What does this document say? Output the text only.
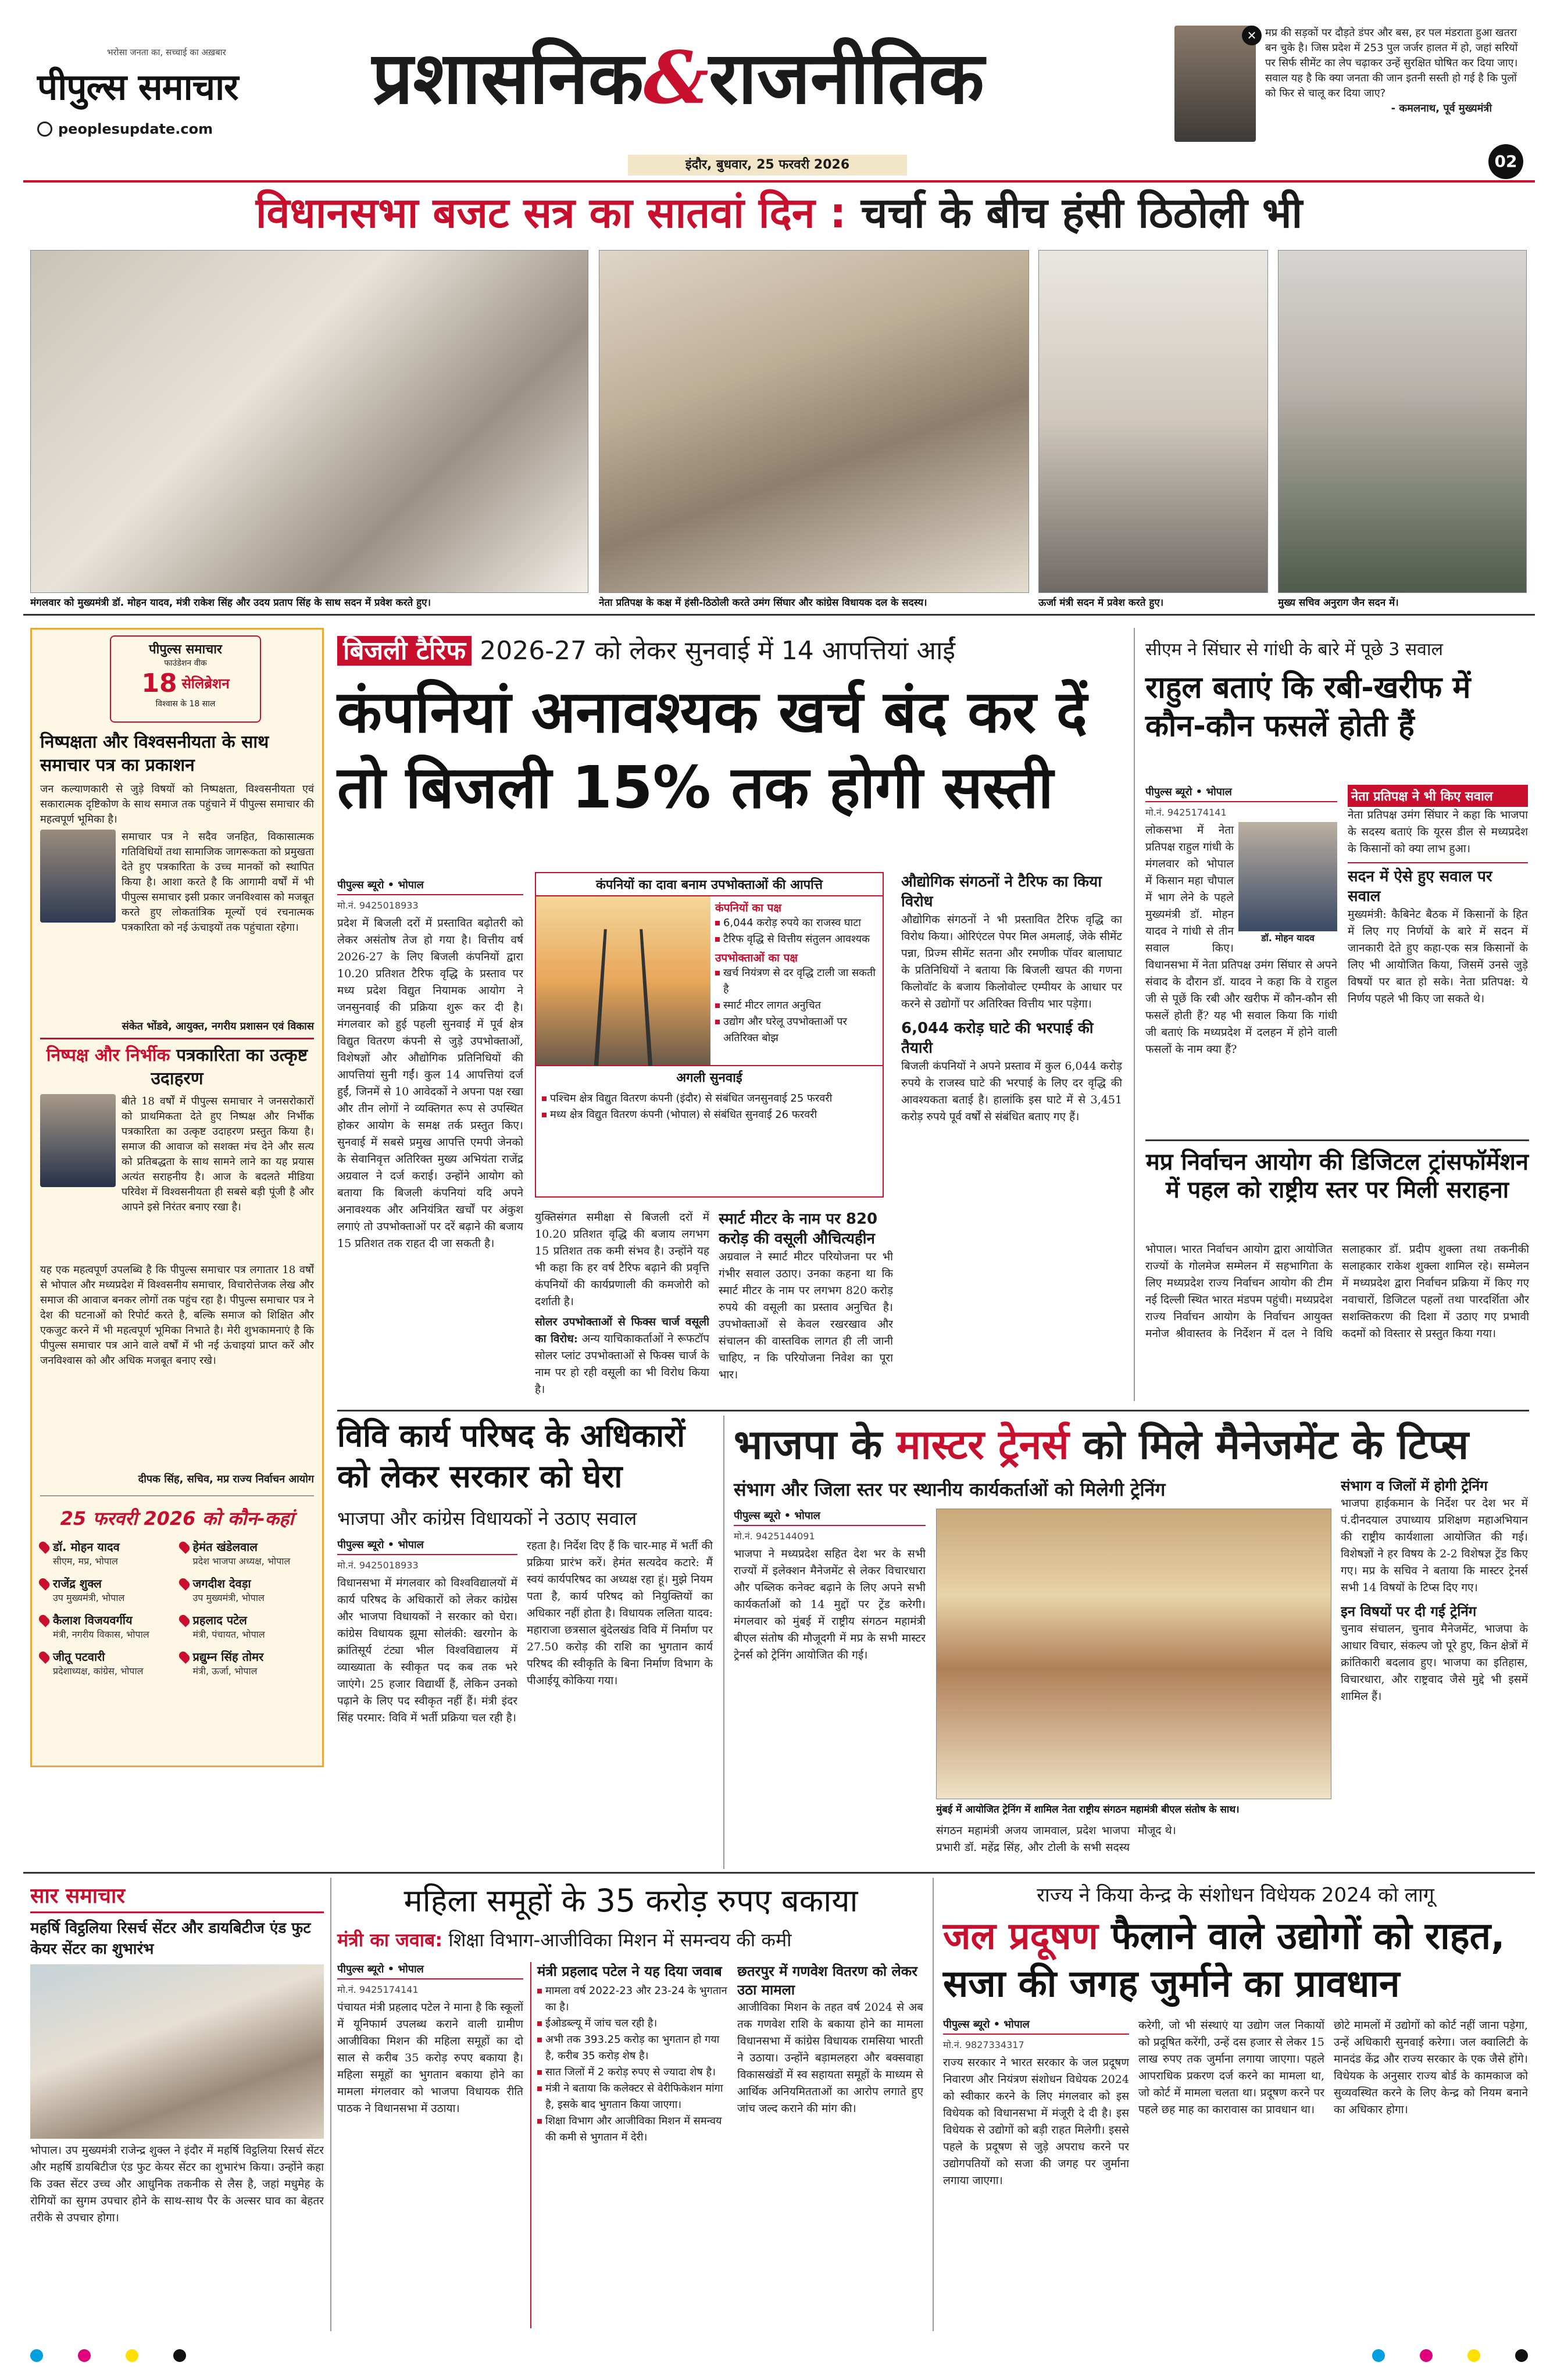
भरोसा जनता का, सच्चाई का अख़बार
पीपुल्स समाचार
peoplesupdate.com
प्रशासनिक&राजनीतिक
इंदौर, बुधवार, 25 फरवरी 2026
✕ मप्र की सड़कों पर दौड़ते डंपर और बस, हर पल मंडराता हुआ खतरा बन चुके है। जिस प्रदेश में 253 पुल जर्जर हालत में हो, जहां सरियों पर सिर्फ सीमेंट का लेप चढ़ाकर उन्हें सुरक्षित घोषित कर दिया जाए। सवाल यह है कि क्या जनता की जान इतनी सस्ती हो गई है कि पुलों को फिर से चालू कर दिया जाए?
- कमलनाथ, पूर्व मुख्यमंत्री
02
विधानसभा बजट सत्र का सातवां दिन : चर्चा के बीच हंसी ठिठोली भी
मंगलवार को मुख्यमंत्री डॉ. मोहन यादव, मंत्री राकेश सिंह और उदय प्रताप सिंह के साथ सदन में प्रवेश करते हुए।	नेता प्रतिपक्ष के कक्ष में हंसी-ठिठोली करते उमंग सिंघार और कांग्रेस विधायक दल के सदस्य।	ऊर्जा मंत्री सदन में प्रवेश करते हुए।	मुख्य सचिव अनुराग जैन सदन में।
पीपुल्स समाचार
फाउंडेशन वीक
18 सेलिब्रेशन
विश्वास के 18 साल
निष्पक्षता और विश्वसनीयता के साथ समाचार पत्र का प्रकाशन
जन कल्याणकारी से जुड़े विषयों को निष्पक्षता, विश्वसनीयता एवं सकारात्मक दृष्टिकोण के साथ समाज तक पहुंचाने में पीपुल्स समाचार की महत्वपूर्ण भूमिका है।
समाचार पत्र ने सदैव जनहित, विकासात्मक गतिविधियों तथा सामाजिक जागरूकता को प्रमुखता देते हुए पत्रकारिता के उच्च मानकों को स्थापित किया है। आशा करते है कि आगामी वर्षों में भी पीपुल्स समाचार इसी प्रकार जनविश्वास को मजबूत करते हुए लोकतांत्रिक मूल्यों एवं रचनात्मक पत्रकारिता को नई ऊंचाइयों तक पहुंचाता रहेगा।
संकेत भोंडवे, आयुक्त, नगरीय प्रशासन एवं विकास
निष्पक्ष और निर्भीक पत्रकारिता का उत्कृष्ट उदाहरण
बीते 18 वर्षों में पीपुल्स समाचार ने जनसरोकारों को प्राथमिकता देते हुए निष्पक्ष और निर्भीक पत्रकारिता का उत्कृष्ट उदाहरण प्रस्तुत किया है। समाज की आवाज को सशक्त मंच देने और सत्य को प्रतिबद्धता के साथ सामने लाने का यह प्रयास अत्यंत सराहनीय है। आज के बदलते मीडिया परिवेश में विश्वसनीयता ही सबसे बड़ी पूंजी है और आपने इसे निरंतर बनाए रखा है।
यह एक महत्वपूर्ण उपलब्धि है कि पीपुल्स समाचार पत्र लगातार 18 वर्षों से भोपाल और मध्यप्रदेश में विश्वसनीय समाचार, विचारोत्तेजक लेख और समाज की आवाज बनकर लोगों तक पहुंच रहा है। पीपुल्स समाचार पत्र ने देश की घटनाओं को रिपोर्ट करते है, बल्कि समाज को शिक्षित और एकजुट करने में भी महत्वपूर्ण भूमिका निभाते है। मेरी शुभकामनाएं है कि पीपुल्स समाचार पत्र आने वाले वर्षों में भी नई ऊंचाइयां प्राप्त करें और जनविश्वास को और अधिक मजबूत बनाए रखे।
दीपक सिंह, सचिव, मप्र राज्य निर्वाचन आयोग
25 फरवरी 2026 को कौन-कहां
डॉ. मोहन यादव
सीएम, मप्र, भोपाल
हेमंत खंडेलवाल
प्रदेश भाजपा अध्यक्ष, भोपाल
राजेंद्र शुक्ल
उप मुख्यमंत्री, भोपाल
जगदीश देवड़ा
उप मुख्यमंत्री, भोपाल
कैलाश विजयवर्गीय
मंत्री, नगरीय विकास, भोपाल
प्रहलाद पटेल
मंत्री, पंचायत, भोपाल
जीतू पटवारी
प्रदेशाध्यक्ष, कांग्रेस, भोपाल
प्रद्युम्न सिंह तोमर
मंत्री, ऊर्जा, भोपाल
बिजली टैरिफ 2026-27 को लेकर सुनवाई में 14 आपत्तियां आईं
कंपनियां अनावश्यक खर्च बंद कर दें तो बिजली 15% तक होगी सस्ती
पीपुल्स ब्यूरो • भोपाल
मो.नं. 9425018933
प्रदेश में बिजली दरों में प्रस्तावित बढ़ोतरी को लेकर असंतोष तेज हो गया है। वित्तीय वर्ष 2026-27 के लिए बिजली कंपनियों द्वारा 10.20 प्रतिशत टैरिफ वृद्धि के प्रस्ताव पर मध्य प्रदेश विद्युत नियामक आयोग ने जनसुनवाई की प्रक्रिया शुरू कर दी है। मंगलवार को हुई पहली सुनवाई में पूर्व क्षेत्र विद्युत वितरण कंपनी से जुड़े उपभोक्ताओं, विशेषज्ञों और औद्योगिक प्रतिनिधियों की आपत्तियां सुनी गईं। कुल 14 आपत्तियां दर्ज हुईं, जिनमें से 10 आवेदकों ने अपना पक्ष रखा और तीन लोगों ने व्यक्तिगत रूप से उपस्थित होकर आयोग के समक्ष तर्क प्रस्तुत किए। सुनवाई में सबसे प्रमुख आपत्ति एमपी जेनको के सेवानिवृत्त अतिरिक्त मुख्य अभियंता राजेंद्र अग्रवाल ने दर्ज कराई। उन्होंने आयोग को बताया कि बिजली कंपनियां यदि अपने अनावश्यक और अनियंत्रित खर्चों पर अंकुश लगाएं तो उपभोक्ताओं पर दरें बढ़ाने की बजाय 15 प्रतिशत तक राहत दी जा सकती है।
कंपनियों का दावा बनाम उपभोक्ताओं की आपत्ति
कंपनियों का पक्ष
6,044 करोड़ रुपये का राजस्व घाटा
टैरिफ वृद्धि से वित्तीय संतुलन आवश्यक
उपभोक्ताओं का पक्ष
खर्च नियंत्रण से दर वृद्धि टाली जा सकती है
स्मार्ट मीटर लागत अनुचित
उद्योग और घरेलू उपभोक्ताओं पर अतिरिक्त बोझ
अगली सुनवाई
पश्चिम क्षेत्र विद्युत वितरण कंपनी (इंदौर) से संबंधित जनसुनवाई 25 फरवरी
मध्य क्षेत्र विद्युत वितरण कंपनी (भोपाल) से संबंधित सुनवाई 26 फरवरी
युक्तिसंगत समीक्षा से बिजली दरों में 10.20 प्रतिशत वृद्धि की बजाय लगभग 15 प्रतिशत तक कमी संभव है। उन्होंने यह भी कहा कि हर वर्ष टैरिफ बढ़ाने की प्रवृत्ति कंपनियों की कार्यप्रणाली की कमजोरी को दर्शाती है।
सोलर उपभोक्ताओं से फिक्स चार्ज वसूली का विरोध: अन्य याचिकाकर्ताओं ने रूफटॉप सोलर प्लांट उपभोक्ताओं से फिक्स चार्ज के नाम पर हो रही वसूली का भी विरोध किया है।
स्मार्ट मीटर के नाम पर 820 करोड़ की वसूली औचित्यहीन
अग्रवाल ने स्मार्ट मीटर परियोजना पर भी गंभीर सवाल उठाए। उनका कहना था कि स्मार्ट मीटर के नाम पर लगभग 820 करोड़ रुपये की वसूली का प्रस्ताव अनुचित है। उपभोक्ताओं से केवल रखरखाव और संचालन की वास्तविक लागत ही ली जानी चाहिए, न कि परियोजना निवेश का पूरा भार।
औद्योगिक संगठनों ने टैरिफ का किया विरोध
औद्योगिक संगठनों ने भी प्रस्तावित टैरिफ वृद्धि का विरोध किया। ओरिएंटल पेपर मिल अमलाई, जेके सीमेंट पन्ना, प्रिज्म सीमेंट सतना और रमणीक पॉवर बालाघाट के प्रतिनिधियों ने बताया कि बिजली खपत की गणना किलोवॉट के बजाय किलोवोल्ट एम्पीयर के आधार पर करने से उद्योगों पर अतिरिक्त वित्तीय भार पड़ेगा।
6,044 करोड़ घाटे की भरपाई की तैयारी
बिजली कंपनियों ने अपने प्रस्ताव में कुल 6,044 करोड़ रुपये के राजस्व घाटे की भरपाई के लिए दर वृद्धि की आवश्यकता बताई है। हालांकि इस घाटे में से 3,451 करोड़ रुपये पूर्व वर्षों से संबंधित बताए गए हैं।
सीएम ने सिंघार से गांधी के बारे में पूछे 3 सवाल
राहुल बताएं कि रबी-खरीफ में कौन-कौन फसलें होती हैं
पीपुल्स ब्यूरो • भोपाल
मो.नं. 9425174141
डॉ. मोहन यादव
लोकसभा में नेता प्रतिपक्ष राहुल गांधी के मंगलवार को भोपाल में किसान महा चौपाल में भाग लेने के पहले मुख्यमंत्री डॉ. मोहन यादव ने गांधी से तीन सवाल किए। विधानसभा में नेता प्रतिपक्ष उमंग सिंघार से अपने संवाद के दौरान डॉ. यादव ने कहा कि वे राहुल जी से पूछें कि रबी और खरीफ में कौन-कौन सी फसलें होती हैं? यह भी सवाल किया कि गांधी जी बताएं कि मध्यप्रदेश में दलहन में होने वाली फसलों के नाम क्या हैं?
नेता प्रतिपक्ष ने भी किए सवाल
नेता प्रतिपक्ष उमंग सिंघार ने कहा कि भाजपा के सदस्य बताएं कि यूरस डील से मध्यप्रदेश के किसानों को क्या लाभ हुआ।
सदन में ऐसे हुए सवाल पर सवाल
मुख्यमंत्री: कैबिनेट बैठक में किसानों के हित में लिए गए निर्णयों के बारे में सदन में जानकारी देते हुए कहा-एक सत्र किसानों के लिए भी आयोजित किया, जिसमें उनसे जुड़े विषयों पर बात हो सके। नेता प्रतिपक्ष: ये निर्णय पहले भी किए जा सकते थे।
मप्र निर्वाचन आयोग की डिजिटल ट्रांसफॉर्मेशन में पहल को राष्ट्रीय स्तर पर मिली सराहना
भोपाल। भारत निर्वाचन आयोग द्वारा आयोजित राज्यों के गोलमेज सम्मेलन में सहभागिता के लिए मध्यप्रदेश राज्य निर्वाचन आयोग की टीम नई दिल्ली स्थित भारत मंडपम पहुंची। मध्यप्रदेश राज्य निर्वाचन आयोग के निर्वाचन आयुक्त मनोज श्रीवास्तव के निर्देशन में दल ने विधि सलाहकार डॉ. प्रदीप शुक्ला तथा तकनीकी सलाहकार राकेश शुक्ला शामिल रहे। सम्मेलन में मध्यप्रदेश द्वारा निर्वाचन प्रक्रिया में किए गए नवाचारों, डिजिटल पहलों तथा पारदर्शिता और सशक्तिकरण की दिशा में उठाए गए प्रभावी कदमों को विस्तार से प्रस्तुत किया गया।
विवि कार्य परिषद के अधिकारों को लेकर सरकार को घेरा
भाजपा और कांग्रेस विधायकों ने उठाए सवाल
पीपुल्स ब्यूरो • भोपाल
मो.नं. 9425018933
विधानसभा में मंगलवार को विश्वविद्यालयों में कार्य परिषद के अधिकारों को लेकर कांग्रेस और भाजपा विधायकों ने सरकार को घेरा। कांग्रेस विधायक झूमा सोलंकी: खरगोन के क्रांतिसूर्य टंट्या भील विश्वविद्यालय में व्याख्याता के स्वीकृत पद कब तक भरे जाएंगे। 25 हजार विद्यार्थी हैं, लेकिन उनको पढ़ाने के लिए पद स्वीकृत नहीं हैं। मंत्री इंदर सिंह परमार: विवि में भर्ती प्रक्रिया चल रही है।
रहता है। निर्देश दिए हैं कि चार-माह में भर्ती की प्रक्रिया प्रारंभ करें। हेमंत सत्यदेव कटारे: मैं स्वयं कार्यपरिषद का अध्यक्ष रहा हूं। मुझे नियम पता है, कार्य परिषद को नियुक्तियों का अधिकार नहीं होता है। विधायक ललिता यादव: महाराजा छत्रसाल बुंदेलखंड विवि में निर्माण पर 27.50 करोड़ की राशि का भुगतान कार्य परिषद की स्वीकृति के बिना निर्माण विभाग के पीआईयू कोकिया गया।
भाजपा के मास्टर ट्रेनर्स को मिले मैनेजमेंट के टिप्स
संभाग और जिला स्तर पर स्थानीय कार्यकर्ताओं को मिलेगी ट्रेनिंग
पीपुल्स ब्यूरो • भोपाल
मो.नं. 9425144091
भाजपा ने मध्यप्रदेश सहित देश भर के सभी राज्यों में इलेक्शन मैनेजमेंट से लेकर विचारधारा और पब्लिक कनेक्ट बढ़ाने के लिए अपने सभी कार्यकर्ताओं को 14 मुद्दों पर ट्रेंड करेगी। मंगलवार को मुंबई में राष्ट्रीय संगठन महामंत्री बीएल संतोष की मौजूदगी में मप्र के सभी मास्टर ट्रेनर्स को ट्रेनिंग आयोजित की गई।
मुंबई में आयोजित ट्रेनिंग में शामिल नेता राष्ट्रीय संगठन महामंत्री बीएल संतोष के साथ।
संगठन महामंत्री अजय जामवाल, प्रदेश भाजपा प्रभारी डॉ. महेंद्र सिंह, और टोली के सभी सदस्य मौजूद थे।
संभाग व जिलों में होगी ट्रेनिंग
भाजपा हाईकमान के निर्देश पर देश भर में पं.दीनदयाल उपाध्याय प्रशिक्षण महाअभियान की राष्ट्रीय कार्यशाला आयोजित की गई। विशेषज्ञों ने हर विषय के 2-2 विशेषज्ञ ट्रेंड किए गए। मप्र के सचिव ने बताया कि मास्टर ट्रेनर्स सभी 14 विषयों के टिप्स दिए गए।
इन विषयों पर दी गई ट्रेनिंग
चुनाव संचालन, चुनाव मैनेजमेंट, भाजपा के आधार विचार, संकल्प जो पूरे हुए, किन क्षेत्रों में क्रांतिकारी बदलाव हुए। भाजपा का इतिहास, विचारधारा, और राष्ट्रवाद जैसे मुद्दे भी इसमें शामिल हैं।
सार समाचार
महर्षि विट्ठलिया रिसर्च सेंटर और डायबिटीज एंड फुट केयर सेंटर का शुभारंभ
भोपाल। उप मुख्यमंत्री राजेन्द्र शुक्ल ने इंदौर में महर्षि विट्ठलिया रिसर्च सेंटर और महर्षि डायबिटीज एंड फुट केयर सेंटर का शुभारंभ किया। उन्होंने कहा कि उक्त सेंटर उच्च और आधुनिक तकनीक से लैस है, जहां मधुमेह के रोगियों का सुगम उपचार होने के साथ-साथ पैर के अल्सर घाव का बेहतर तरीके से उपचार होगा।
महिला समूहों के 35 करोड़ रुपए बकाया
मंत्री का जवाब: शिक्षा विभाग-आजीविका मिशन में समन्वय की कमी
पीपुल्स ब्यूरो • भोपाल
मो.नं. 9425174141
पंचायत मंत्री प्रहलाद पटेल ने माना है कि स्कूलों में यूनिफार्म उपलब्ध कराने वाली ग्रामीण आजीविका मिशन की महिला समूहों का दो साल से करीब 35 करोड़ रुपए बकाया है। महिला समूहों का भुगतान बकाया होने का मामला मंगलवार को भाजपा विधायक रीति पाठक ने विधानसभा में उठाया।
मंत्री प्रहलाद पटेल ने यह दिया जवाब
मामला वर्ष 2022-23 और 23-24 के भुगतान का है।
ईओडब्ल्यू में जांच चल रही है।
अभी तक 393.25 करोड़ का भुगतान हो गया है, करीब 35 करोड़ शेष है।
सात जिलों में 2 करोड़ रुपए से ज्यादा शेष है।
मंत्री ने बताया कि कलेक्टर से वेरीफिकेशन मांगा है, इसके बाद भुगतान किया जाएगा।
शिक्षा विभाग और आजीविका मिशन में समन्वय की कमी से भुगतान में देरी।
छतरपुर में गणवेश वितरण को लेकर उठा मामला
आजीविका मिशन के तहत वर्ष 2024 से अब तक गणवेश राशि के बकाया होने का मामला विधानसभा में कांग्रेस विधायक रामसिया भारती ने उठाया। उन्होंने बड़ामलहरा और बक्सवाहा विकासखंडों में स्व सहायता समूहों के माध्यम से आर्थिक अनियमितताओं का आरोप लगाते हुए जांच जल्द कराने की मांग की।
राज्य ने किया केन्द्र के संशोधन विधेयक 2024 को लागू
जल प्रदूषण फैलाने वाले उद्योगों को राहत, सजा की जगह जुर्माने का प्रावधान
पीपुल्स ब्यूरो • भोपाल
मो.नं. 9827334317
राज्य सरकार ने भारत सरकार के जल प्रदूषण निवारण और नियंत्रण संशोधन विधेयक 2024 को स्वीकार करने के लिए मंगलवार को इस विधेयक को विधानसभा में मंजूरी दे दी है। इस विधेयक से उद्योगों को बड़ी राहत मिलेगी। इससे पहले के प्रदूषण से जुड़े अपराध करने पर उद्योगपतियों को सजा की जगह पर जुर्माना लगाया जाएगा।
करेगी, जो भी संस्थाएं या उद्योग जल निकायों को प्रदूषित करेंगी, उन्हें दस हजार से लेकर 15 लाख रुपए तक जुर्माना लगाया जाएगा। पहले आपराधिक प्रकरण दर्ज करने का मामला था, जो कोर्ट में मामला चलता था। प्रदूषण करने पर पहले छह माह का कारावास का प्रावधान था।
छोटे मामलों में उद्योगों को कोर्ट नहीं जाना पड़ेगा, उन्हें अधिकारी सुनवाई करेगा। जल क्वालिटी के मानदंड केंद्र और राज्य सरकार के एक जैसे होंगे। विधेयक के अनुसार राज्य बोर्ड के कामकाज को सुव्यवस्थित करने के लिए केन्द्र को नियम बनाने का अधिकार होगा।
